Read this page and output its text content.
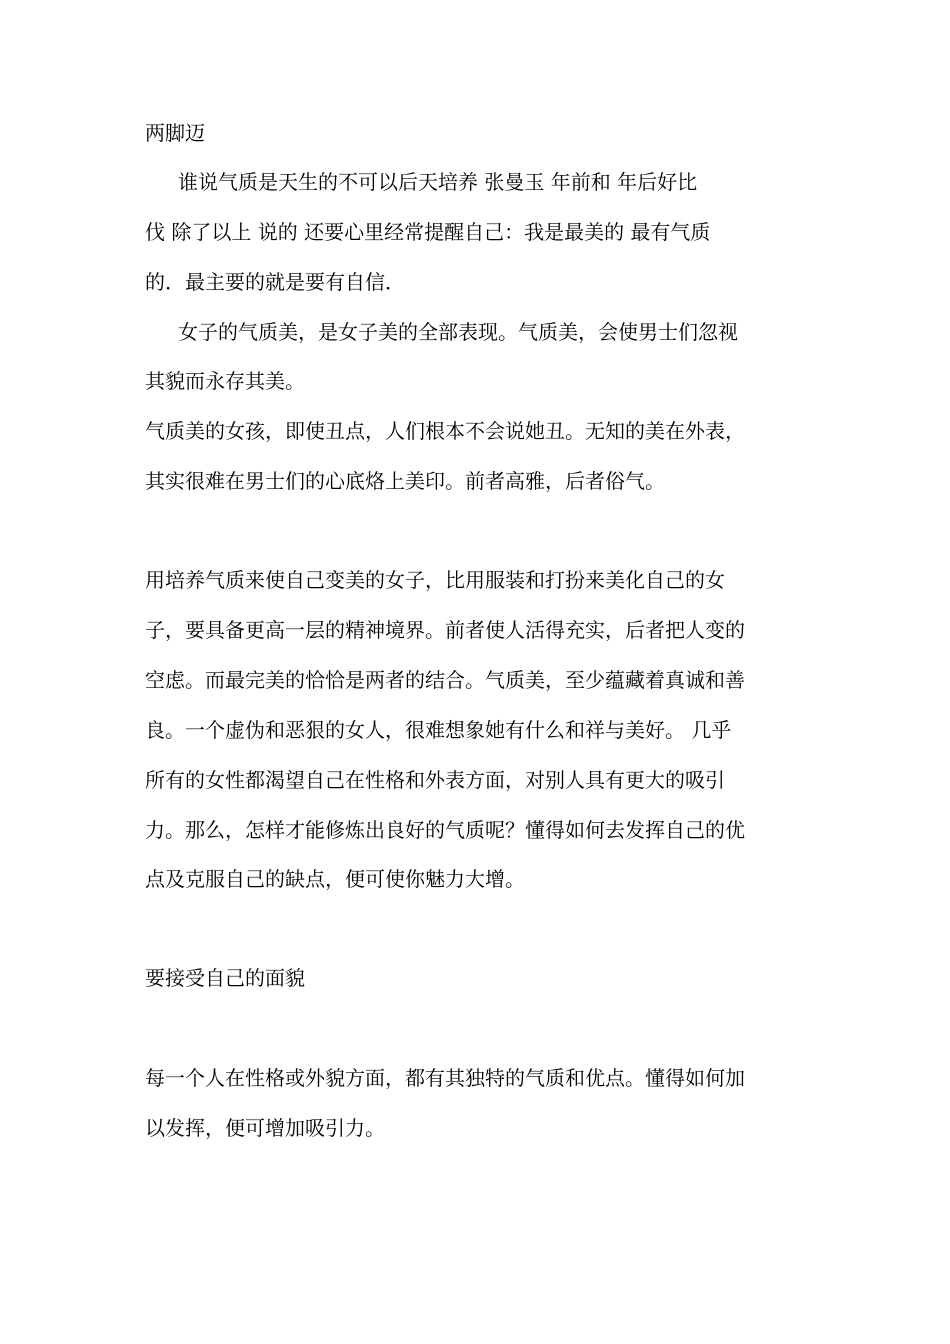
两脚迈
谁说气质是天生的不可以后天培养 张曼玉 年前和 年后好比
伐 除了以上 说的 还要心里经常提醒自己：我是最美的 最有气质
的．最主要的就是要有自信．
女子的气质美，是女子美的全部表现。气质美，会使男士们忽视
其貌而永存其美。
气质美的女孩，即使丑点，人们根本不会说她丑。无知的美在外表，
其实很难在男士们的心底烙上美印。前者高雅，后者俗气。
用培养气质来使自己变美的女子，比用服装和打扮来美化自己的女
子，要具备更高一层的精神境界。前者使人活得充实，后者把人变的
空虑。而最完美的恰恰是两者的结合。气质美，至少蕴藏着真诚和善
良。一个虚伪和恶狠的女人，很难想象她有什么和祥与美好。 几乎
所有的女性都渴望自己在性格和外表方面，对别人具有更大的吸引
力。那么，怎样才能修炼出良好的气质呢？懂得如何去发挥自己的优
点及克服自己的缺点，便可使你魅力大增。
要接受自己的面貌
每一个人在性格或外貌方面，都有其独特的气质和优点。懂得如何加
以发挥，便可增加吸引力。
